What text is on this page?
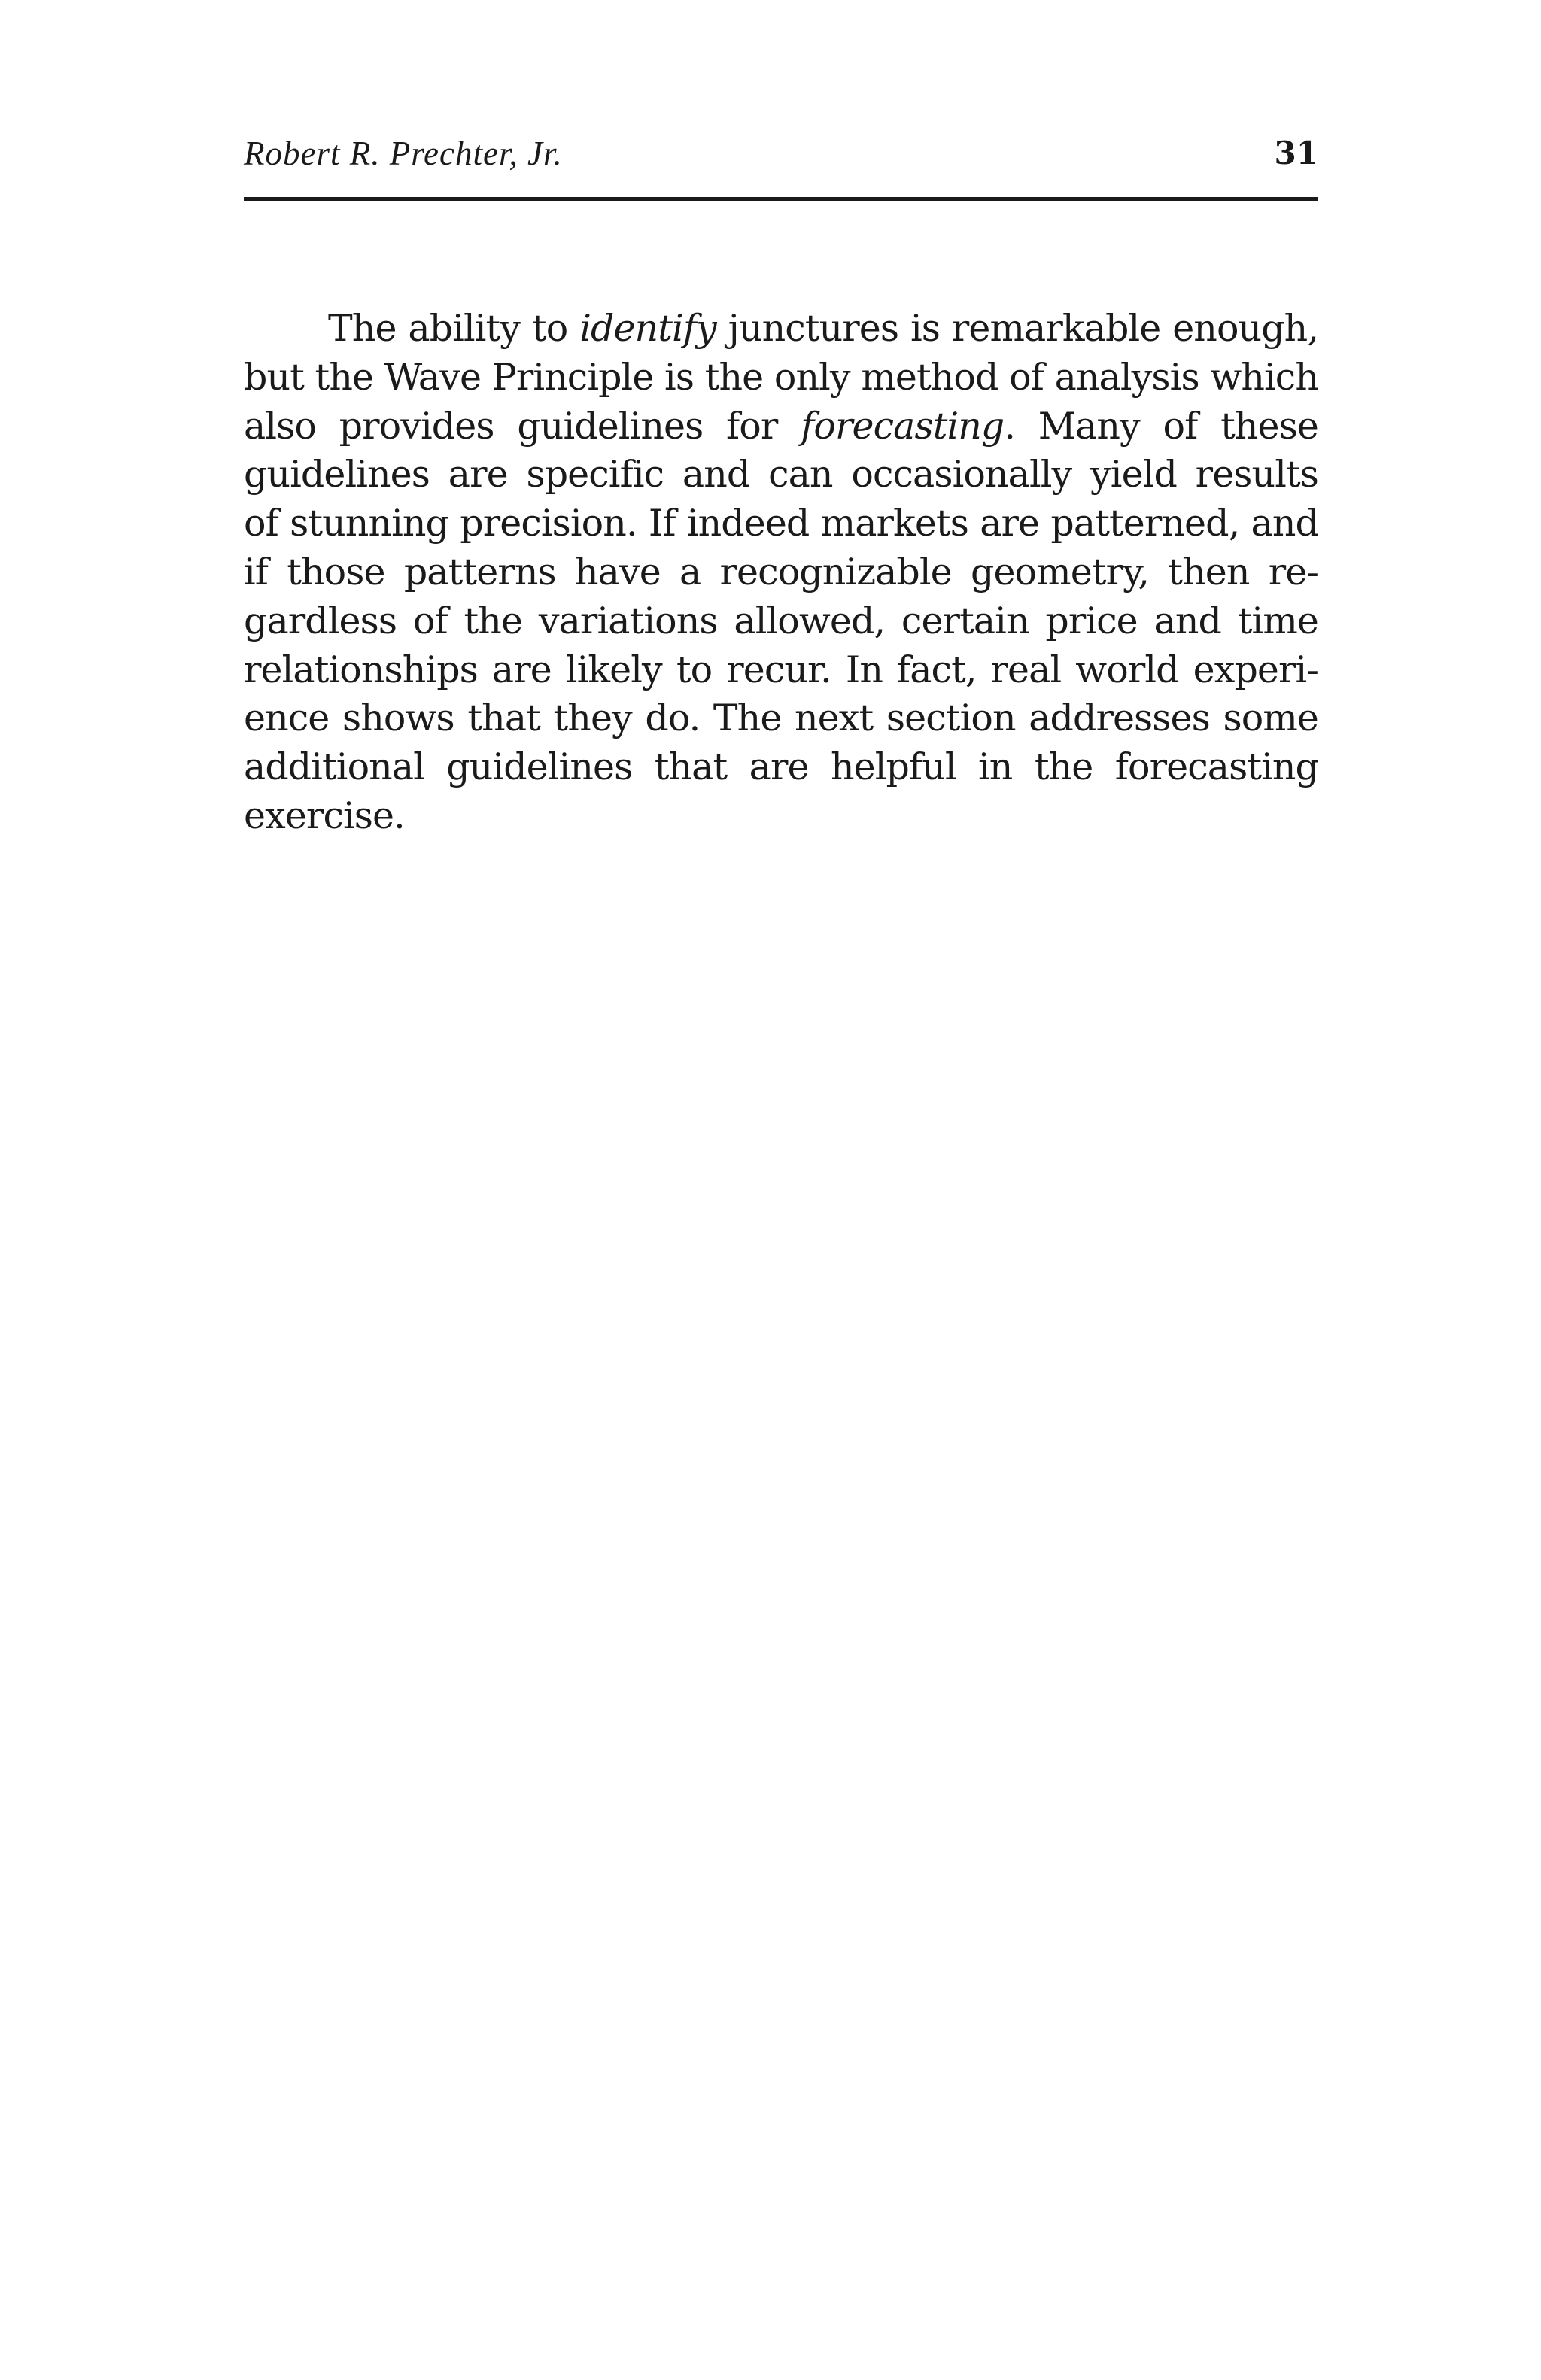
Robert R. Prechter, Jr.	31
The ability to identify junctures is remarkable enough,
but the Wave Principle is the only method of analysis which
also provides guidelines for forecasting. Many of these
guidelines are specific and can occasionally yield results
of stunning precision. If indeed markets are patterned, and
if those patterns have a recognizable geometry, then re-
gardless of the variations allowed, certain price and time
relationships are likely to recur. In fact, real world experi-
ence shows that they do. The next section addresses some
additional guidelines that are helpful in the forecasting
exercise.
